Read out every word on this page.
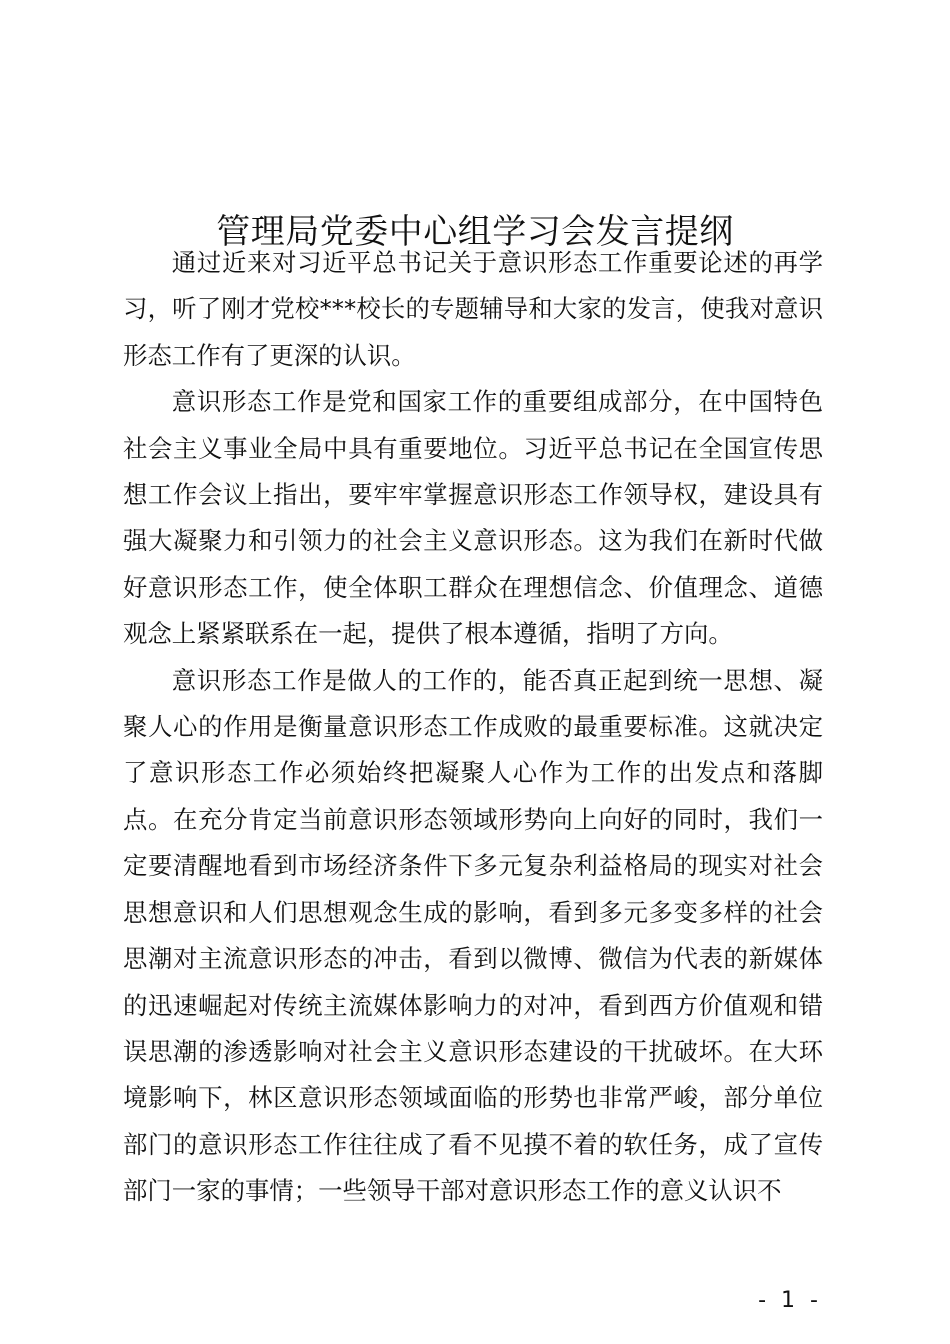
管理局党委中心组学习会发言提纲

通过近来对习近平总书记关于意识形态工作重要论述的再学习，听了刚才党校***校长的专题辅导和大家的发言，使我对意识形态工作有了更深的认识。

意识形态工作是党和国家工作的重要组成部分，在中国特色社会主义事业全局中具有重要地位。习近平总书记在全国宣传思想工作会议上指出，要牢牢掌握意识形态工作领导权，建设具有强大凝聚力和引领力的社会主义意识形态。这为我们在新时代做好意识形态工作，使全体职工群众在理想信念、价值理念、道德观念上紧紧联系在一起，提供了根本遵循，指明了方向。

意识形态工作是做人的工作的，能否真正起到统一思想、凝聚人心的作用是衡量意识形态工作成败的最重要标准。这就决定了意识形态工作必须始终把凝聚人心作为工作的出发点和落脚点。在充分肯定当前意识形态领域形势向上向好的同时，我们一定要清醒地看到市场经济条件下多元复杂利益格局的现实对社会思想意识和人们思想观念生成的影响，看到多元多变多样的社会思潮对主流意识形态的冲击，看到以微博、微信为代表的新媒体的迅速崛起对传统主流媒体影响力的对冲，看到西方价值观和错误思潮的渗透影响对社会主义意识形态建设的干扰破坏。在大环境影响下，林区意识形态领域面临的形势也非常严峻，部分单位部门的意识形态工作往往成了看不见摸不着的软任务，成了宣传部门一家的事情；一些领导干部对意识形态工作的意义认识不

- 1 -
